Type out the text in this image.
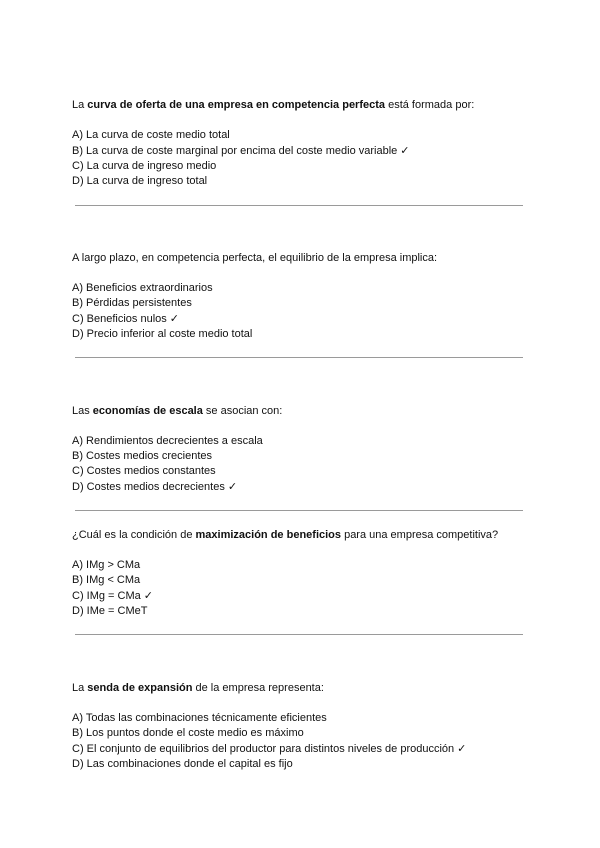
La curva de oferta de una empresa en competencia perfecta está formada por:

A) La curva de coste medio total
B) La curva de coste marginal por encima del coste medio variable ✓
C) La curva de ingreso medio
D) La curva de ingreso total

A largo plazo, en competencia perfecta, el equilibrio de la empresa implica:

A) Beneficios extraordinarios
B) Pérdidas persistentes
C) Beneficios nulos ✓
D) Precio inferior al coste medio total

Las economías de escala se asocian con:

A) Rendimientos decrecientes a escala
B) Costes medios crecientes
C) Costes medios constantes
D) Costes medios decrecientes ✓

¿Cuál es la condición de maximización de beneficios para una empresa competitiva?

A) IMg > CMa
B) IMg < CMa
C) IMg = CMa ✓
D) IMe = CMeT

La senda de expansión de la empresa representa:

A) Todas las combinaciones técnicamente eficientes
B) Los puntos donde el coste medio es máximo
C) El conjunto de equilibrios del productor para distintos niveles de producción ✓
D) Las combinaciones donde el capital es fijo
